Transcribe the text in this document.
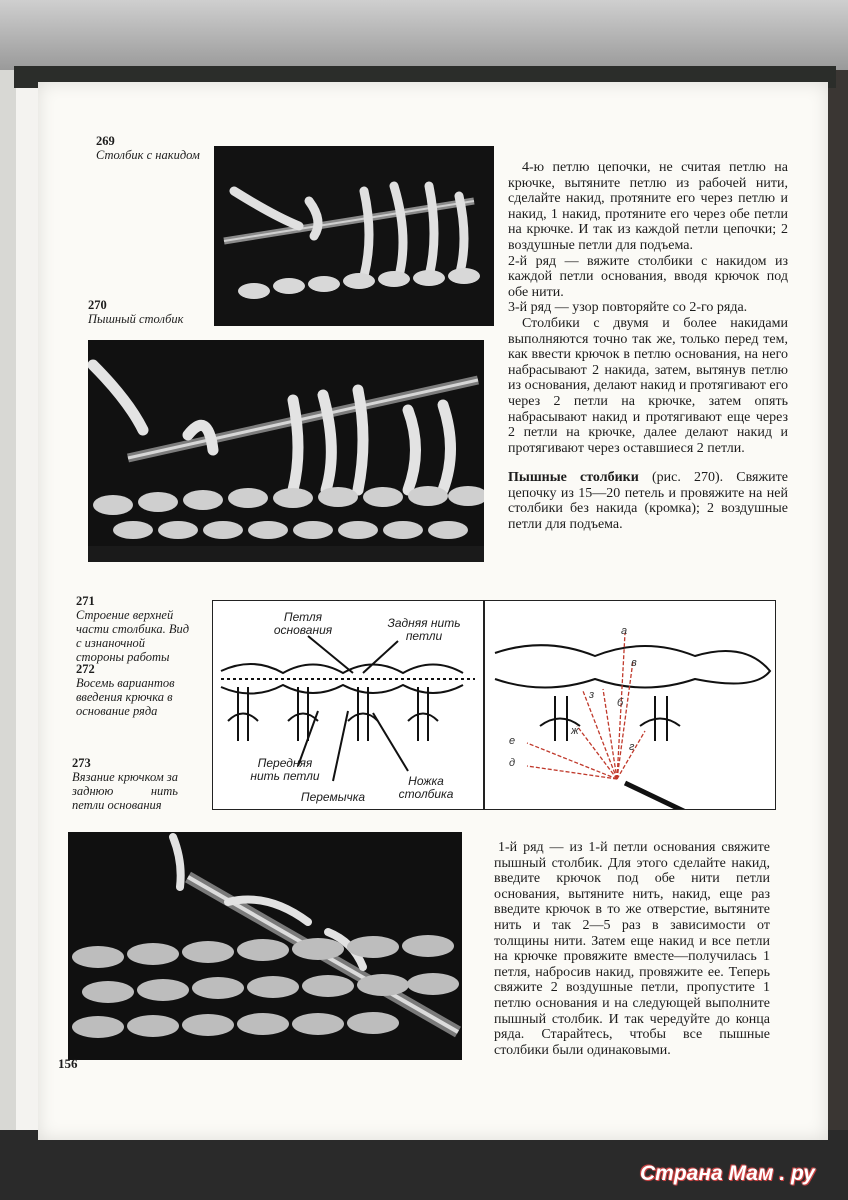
269
Столбик с накидом
270
Пышный столбик
271
Строение верхней части столбика. Вид с изнаночной стороны работы
272
Восемь вариантов введения крючка в основание ряда
273
Вязание крючком за заднюю нить петли основания

4-ю петлю цепочки, не считая петлю на крючке, вытяните петлю из рабочей нити, сделайте накид, протяните его через петлю и накид, 1 накид, протяните его через обе петли на крючке. И так из каждой петли цепочки; 2 воздушные петли для подъема.

2-й ряд — вяжите столбики с накидом из каждой петли основания, вводя крючок под обе нити.

3-й ряд — узор повторяйте со 2-го ряда.

Столбики с двумя и более накидами выполняются точно так же, только перед тем, как ввести крючок в петлю основания, на него набрасывают 2 накида, затем, вытянув петлю из основания, делают накид и протягивают его через 2 петли на крючке, затем опять набрасывают накид и протягивают еще через 2 петли на крючке, далее делают накид и протягивают через оставшиеся 2 петли.

Пышные столбики (рис. 270). Свяжите цепочку из 15—20 петель и провяжите на ней столбики без накида (кромка); 2 воздушные петли для подъема.

Петля основания	Задняя нить петли
Передняя нить петли
Перемычка
Ножка столбика
а
в
б
з
ж
г
е
д

1-й ряд — из 1-й петли основания свяжите пышный столбик. Для этого сделайте накид, введите крючок под обе нити петли основания, вытяните нить, накид, еще раз введите крючок в то же отверстие, вытяните нить и так 2—5 раз в зависимости от толщины нити. Затем еще накид и все петли на крючке провяжите вместе—получилась 1 петля, набросив накид, провяжите ее. Теперь свяжите 2 воздушные петли, пропустите 1 петлю основания и на следующей выполните пышный столбик. И так чередуйте до конца ряда. Старайтесь, чтобы все пышные столбики были одинаковыми.

156
Страна Мам . ру
